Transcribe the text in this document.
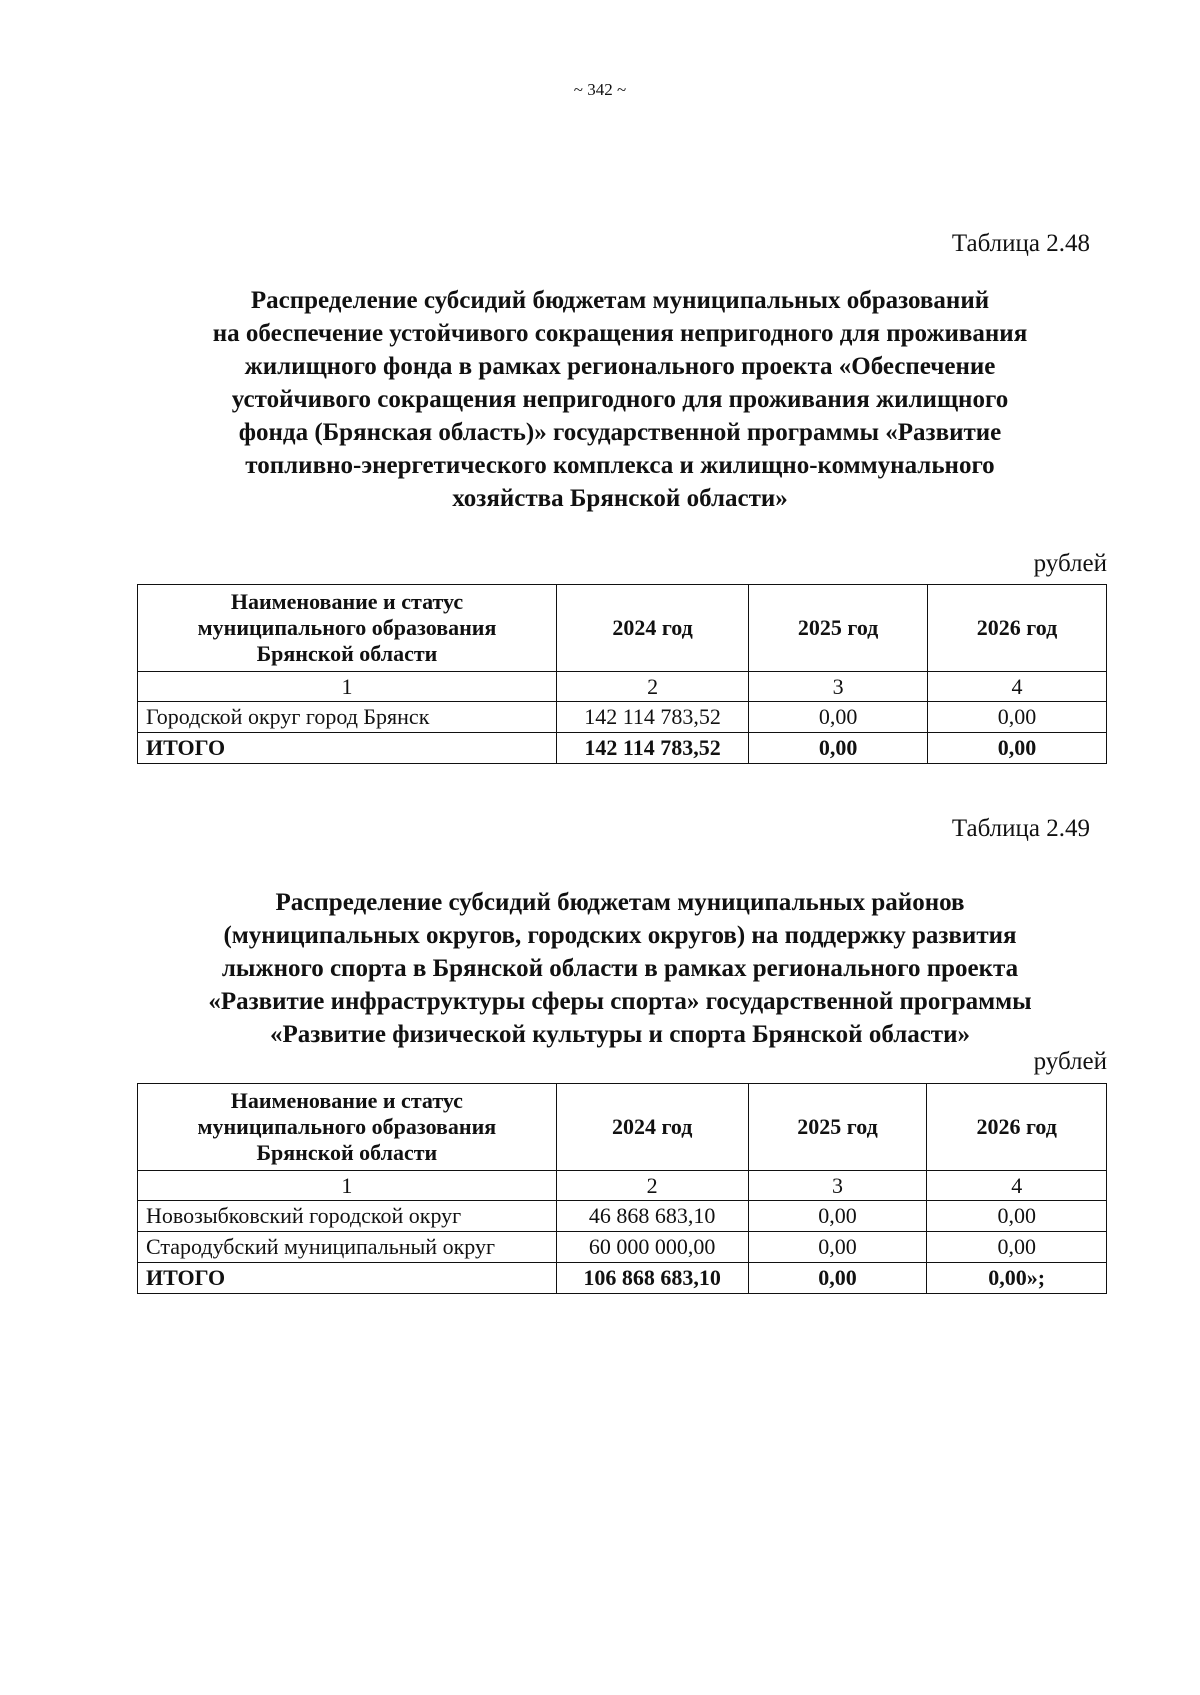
~ 342 ~
Таблица 2.48
Распределение субсидий бюджетам муниципальных образований
на обеспечение устойчивого сокращения непригодного для проживания
жилищного фонда в рамках регионального проекта «Обеспечение
устойчивого сокращения непригодного для проживания жилищного
фонда (Брянская область)» государственной программы «Развитие
топливно-энергетического комплекса и жилищно-коммунального
хозяйства Брянской области»
рублей
Наименование и статус
муниципального образования
Брянской области	2024 год	2025 год	2026 год
1	2	3	4
Городской округ город Брянск	142 114 783,52	0,00	0,00
ИТОГО	142 114 783,52	0,00	0,00
Таблица 2.49
Распределение субсидий бюджетам муниципальных районов
(муниципальных округов, городских округов) на поддержку развития
лыжного спорта в Брянской области в рамках регионального проекта
«Развитие инфраструктуры сферы спорта» государственной программы
«Развитие физической культуры и спорта Брянской области»
рублей
Наименование и статус
муниципального образования
Брянской области	2024 год	2025 год	2026 год
1	2	3	4
Новозыбковский городской округ	46 868 683,10	0,00	0,00
Стародубский муниципальный округ	60 000 000,00	0,00	0,00
ИТОГО	106 868 683,10	0,00	0,00»;
